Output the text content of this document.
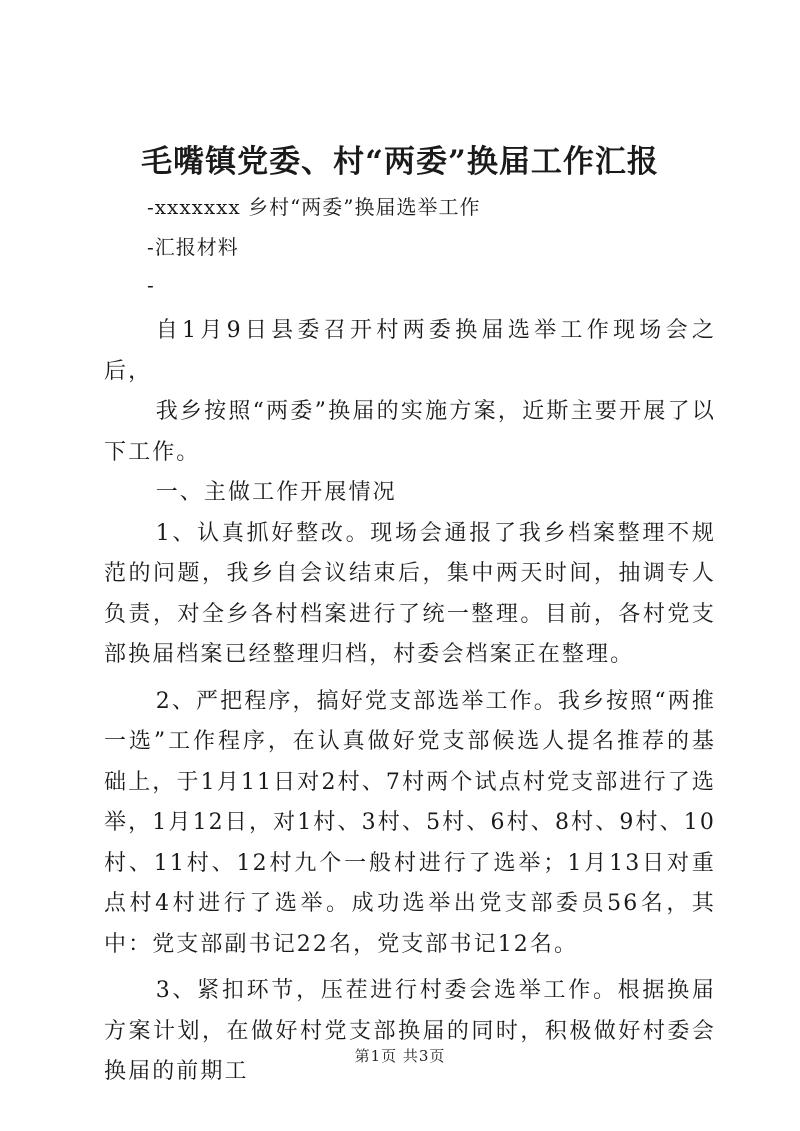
毛嘴镇党委、村“两委”换届工作汇报
-xxxxxxx 乡村“两委”换届选举工作
-汇报材料
-

自1月9日县委召开村两委换届选举工作现场会之后，

我乡按照“两委”换届的实施方案，近斯主要开展了以下工作。

一、主做工作开展情况

1、认真抓好整改。现场会通报了我乡档案整理不规范的问题，我乡自会议结束后，集中两天时间，抽调专人负责，对全乡各村档案进行了统一整理。目前，各村党支部换届档案已经整理归档，村委会档案正在整理。

2、严把程序，搞好党支部选举工作。我乡按照“两推一选”工作程序，在认真做好党支部候选人提名推荐的基础上，于1月11日对2村、7村两个试点村党支部进行了选举，1月12日，对1村、3村、5村、6村、8村、9村、10村、11村、12村九个一般村进行了选举；1月13日对重点村4村进行了选举。成功选举出党支部委员56名，其中：党支部副书记22名，党支部书记12名。

3、紧扣环节，压茬进行村委会选举工作。根据换届方案计划，在做好村党支部换届的同时，积极做好村委会换届的前期工

第1页 共3页
